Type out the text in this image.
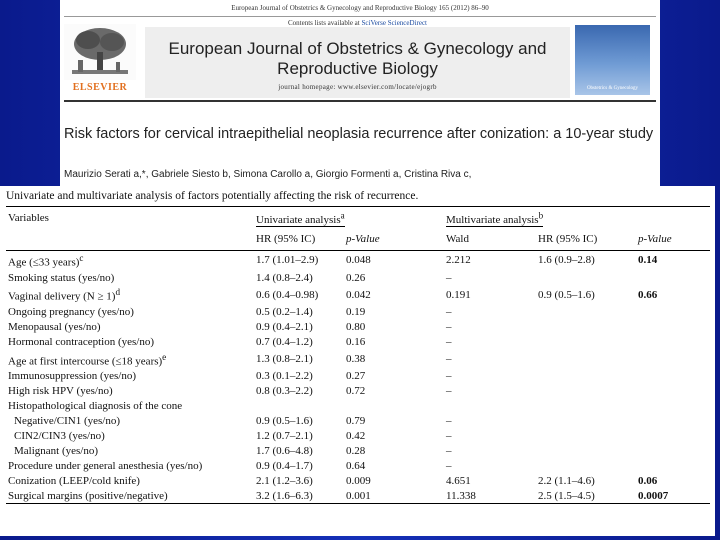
European Journal of Obstetrics & Gynecology and Reproductive Biology 165 (2012) 86–90
ELSEVIER
Contents lists available at SciVerse ScienceDirect
European Journal of Obstetrics & Gynecology and Reproductive Biology
journal homepage: www.elsevier.com/locate/ejogrb	Obstetrics & Gynecology
Risk factors for cervical intraepithelial neoplasia recurrence after conization: a 10-year study
Maurizio Serati a,*, Gabriele Siesto b, Simona Carollo a, Giorgio Formenti a, Cristina Riva c,
Univariate and multivariate analysis of factors potentially affecting the risk of recurrence.
Variables	Univariate analysis$^a$		Multivariate analysis$^b$
	HR (95% IC)	p-Value	Wald	HR (95% IC)	p-Value
Age (≤33 years)$^c$	1.7 (1.01–2.9)	0.048	2.212	1.6 (0.9–2.8)	0.14
Smoking status (yes/no)	1.4 (0.8–2.4)	0.26	–		
Vaginal delivery (N ≥ 1)$^d$	0.6 (0.4–0.98)	0.042	0.191	0.9 (0.5–1.6)	0.66
Ongoing pregnancy (yes/no)	0.5 (0.2–1.4)	0.19	–		
Menopausal (yes/no)	0.9 (0.4–2.1)	0.80	–		
Hormonal contraception (yes/no)	0.7 (0.4–1.2)	0.16	–		
Age at first intercourse (≤18 years)$^e$	1.3 (0.8–2.1)	0.38	–		
Immunosuppression (yes/no)	0.3 (0.1–2.2)	0.27	–		
High risk HPV (yes/no)	0.8 (0.3–2.2)	0.72	–		
Histopathological diagnosis of the cone					
Negative/CIN1 (yes/no)	0.9 (0.5–1.6)	0.79	–		
CIN2/CIN3 (yes/no)	1.2 (0.7–2.1)	0.42	–		
Malignant (yes/no)	1.7 (0.6–4.8)	0.28	–		
Procedure under general anesthesia (yes/no)	0.9 (0.4–1.7)	0.64	–		
Conization (LEEP/cold knife)	2.1 (1.2–3.6)	0.009	4.651	2.2 (1.1–4.6)	0.06
Surgical margins (positive/negative)	3.2 (1.6–6.3)	0.001	11.338	2.5 (1.5–4.5)	0.0007
